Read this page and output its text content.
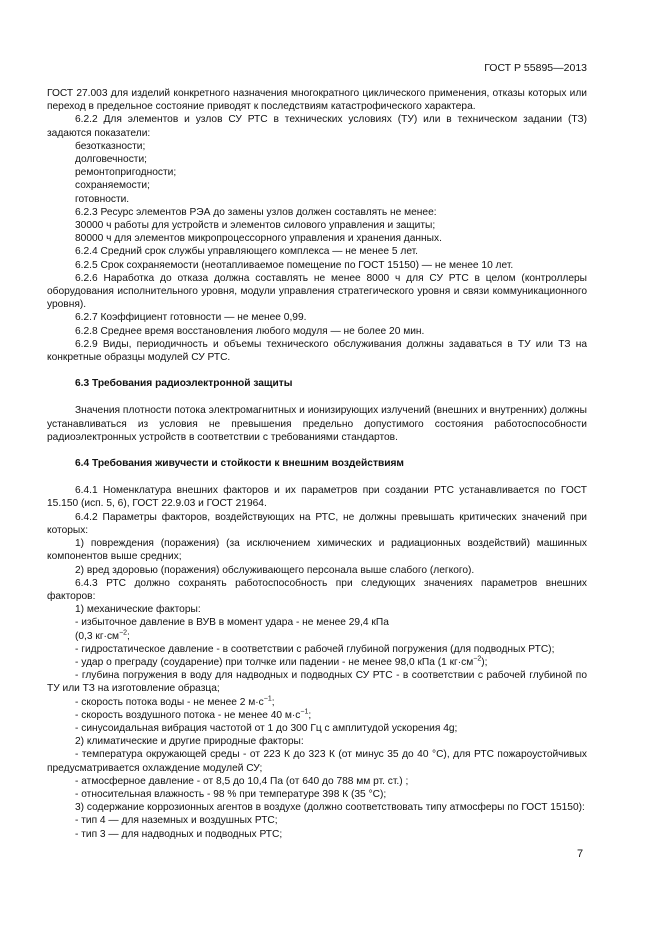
ГОСТ Р 55895—2013

ГОСТ 27.003 для изделий конкретного назначения многократного циклического применения, отказы которых или переход в предельное состояние приводят к последствиям катастрофического характера.

6.2.2 Для элементов и узлов СУ РТС в технических условиях (ТУ) или в техническом задании (ТЗ) задаются показатели:

безотказности;

долговечности;

ремонтопригодности;

сохраняемости;

готовности.

6.2.3 Ресурс элементов РЭА до замены узлов должен составлять не менее:

30000 ч работы для устройств и элементов силового управления и защиты;

80000 ч для элементов микропроцессорного управления и хранения данных.

6.2.4 Средний срок службы управляющего комплекса — не менее 5 лет.

6.2.5 Срок сохраняемости (неотапливаемое помещение по ГОСТ 15150) — не менее 10 лет.

6.2.6 Наработка до отказа должна составлять не менее 8000 ч для СУ РТС в целом (контроллеры оборудования исполнительного уровня, модули управления стратегического уровня и связи коммуникационного уровня).

6.2.7 Коэффициент готовности — не менее 0,99.

6.2.8 Среднее время восстановления любого модуля — не более 20 мин.

6.2.9 Виды, периодичность и объемы технического обслуживания должны задаваться в ТУ или ТЗ на конкретные образцы модулей СУ РТС.

6.3 Требования радиоэлектронной защиты

Значения плотности потока электромагнитных и ионизирующих излучений (внешних и внутренних) должны устанавливаться из условия не превышения предельно допустимого состояния работоспособности радиоэлектронных устройств в соответствии с требованиями стандартов.

6.4 Требования живучести и стойкости к внешним воздействиям

6.4.1 Номенклатура внешних факторов и их параметров при создании РТС устанавливается по ГОСТ 15.150 (исп. 5, 6), ГОСТ 22.9.03 и ГОСТ 21964.

6.4.2 Параметры факторов, воздействующих на РТС, не должны превышать критических значений при которых:

1) повреждения (поражения) (за исключением химических и радиационных воздействий) машинных компонентов выше средних;

2) вред здоровью (поражения) обслуживающего персонала выше слабого (легкого).

6.4.3 РТС должно сохранять работоспособность при следующих значениях параметров внешних факторов:

1) механические факторы:

- избыточное давление в ВУВ в момент удара - не менее 29,4 кПа

(0,3 $кг\cdot см^{-2}$;

- гидростатическое давление - в соответствии с рабочей глубиной погружения (для подводных РТС);

- удар о преграду (соударение) при толчке или падении - не менее 98,0 кПа (1 $кг\cdot см^{-2}$);

- глубина погружения в воду для надводных и подводных СУ РТС - в соответствии с рабочей глубиной по ТУ или ТЗ на изготовление образца;

- скорость потока воды - не менее 2 $м\cdot с^{-1}$;

- скорость воздушного потока - не менее 40 $м\cdot с^{-1}$;

- синусоидальная вибрация частотой от 1 до 300 Гц с амплитудой ускорения 4g;

2) климатические и другие природные факторы:

- температура окружающей среды - от 223 К до 323 К (от минус 35 до 40 °С), для РТС пожароустойчивых предусматривается охлаждение модулей СУ;

- атмосферное давление - от 8,5 до 10,4 Па (от 640 до 788 мм рт. ст.) ;

- относительная влажность - 98 % при температуре 398 К (35 °С);

3) содержание коррозионных агентов в воздухе (должно соответствовать типу атмосферы по ГОСТ 15150):

- тип 4 — для наземных и воздушных РТС;

- тип 3 — для надводных и подводных РТС;

7
